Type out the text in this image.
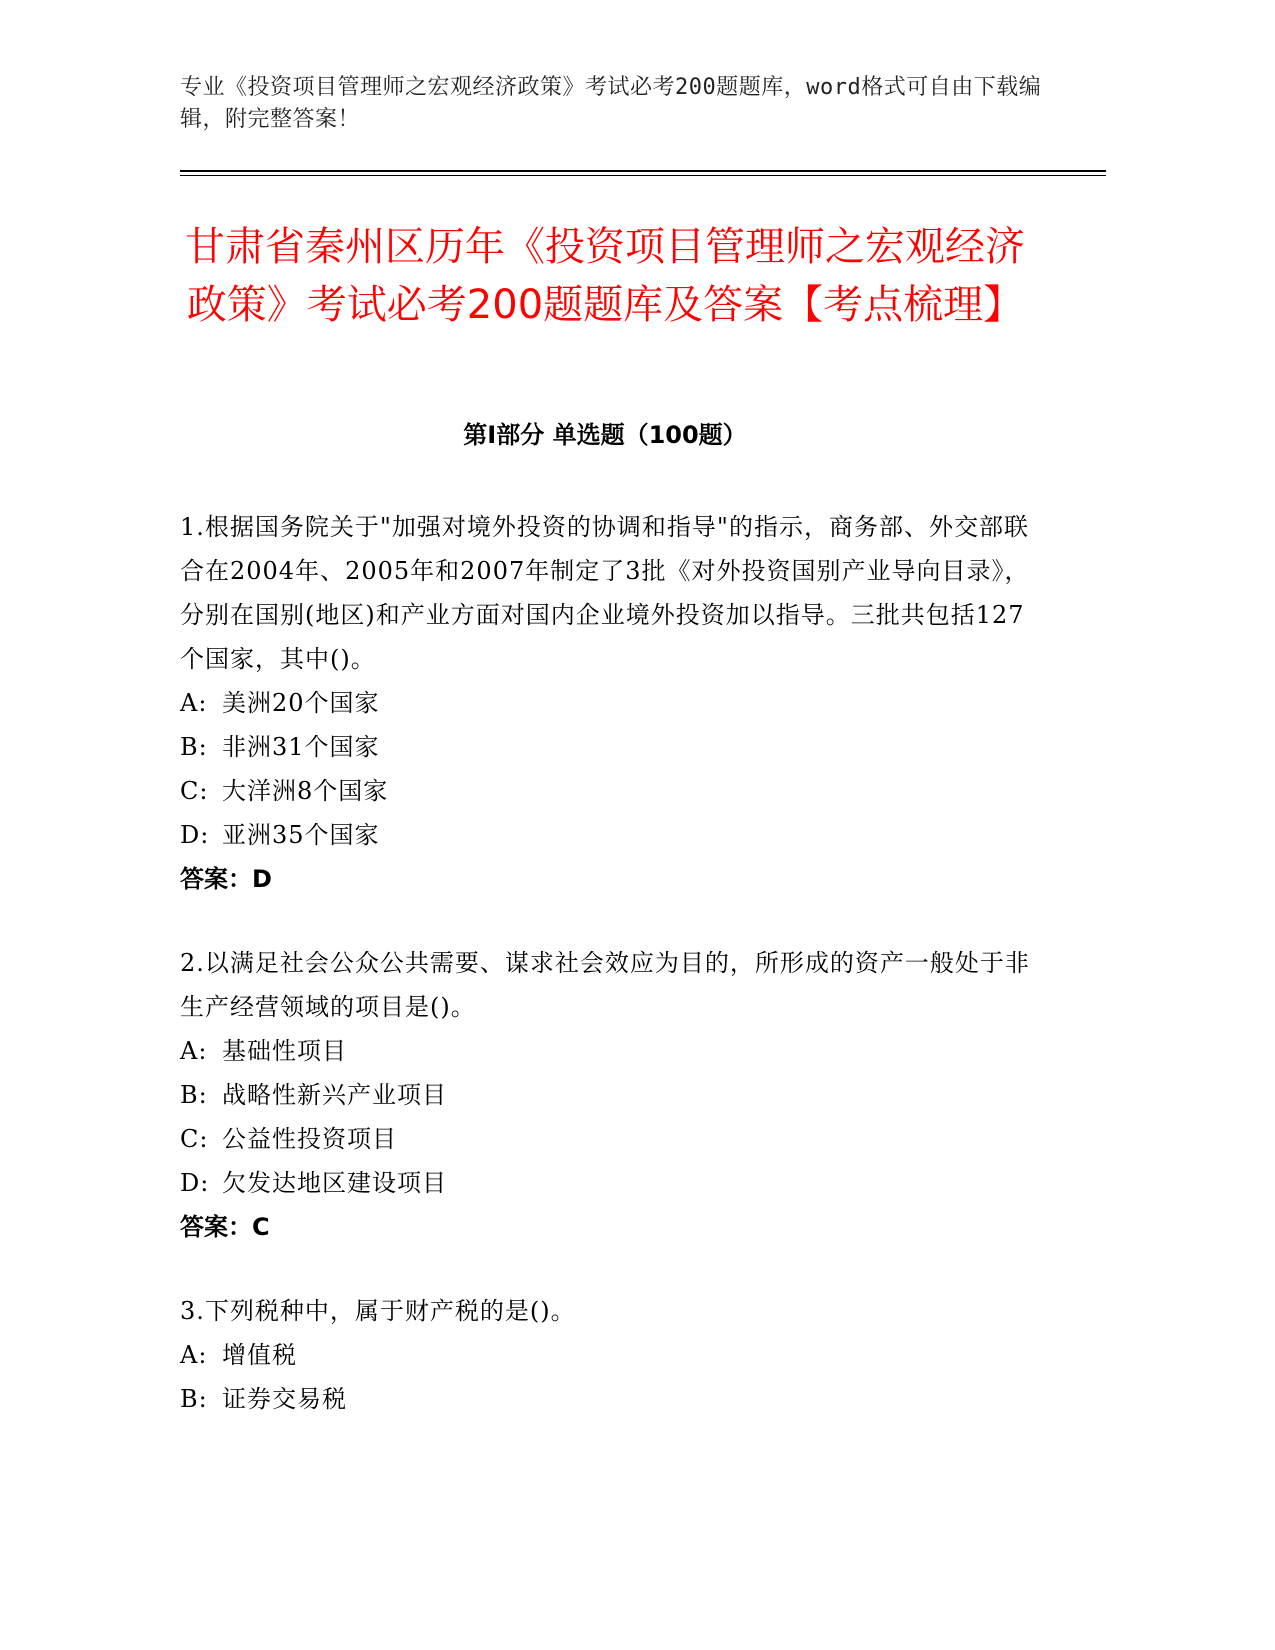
专业《投资项目管理师之宏观经济政策》考试必考200题题库，word格式可自由下载编辑，附完整答案！
甘肃省秦州区历年《投资项目管理师之宏观经济政策》考试必考200题题库及答案【考点梳理】
第Ⅰ部分 单选题（100题）
1.根据国务院关于"加强对境外投资的协调和指导"的指示，商务部、外交部联合在2004年、2005年和2007年制定了3批《对外投资国别产业导向目录》，分别在国别(地区)和产业方面对国内企业境外投资加以指导。三批共包括127个国家，其中()。
A: 美洲20个国家
B: 非洲31个国家
C: 大洋洲8个国家
D: 亚洲35个国家
答案：D
2.以满足社会公众公共需要、谋求社会效应为目的，所形成的资产一般处于非生产经营领域的项目是()。
A: 基础性项目
B: 战略性新兴产业项目
C: 公益性投资项目
D: 欠发达地区建设项目
答案：C
3.下列税种中，属于财产税的是()。
A: 增值税
B: 证券交易税
